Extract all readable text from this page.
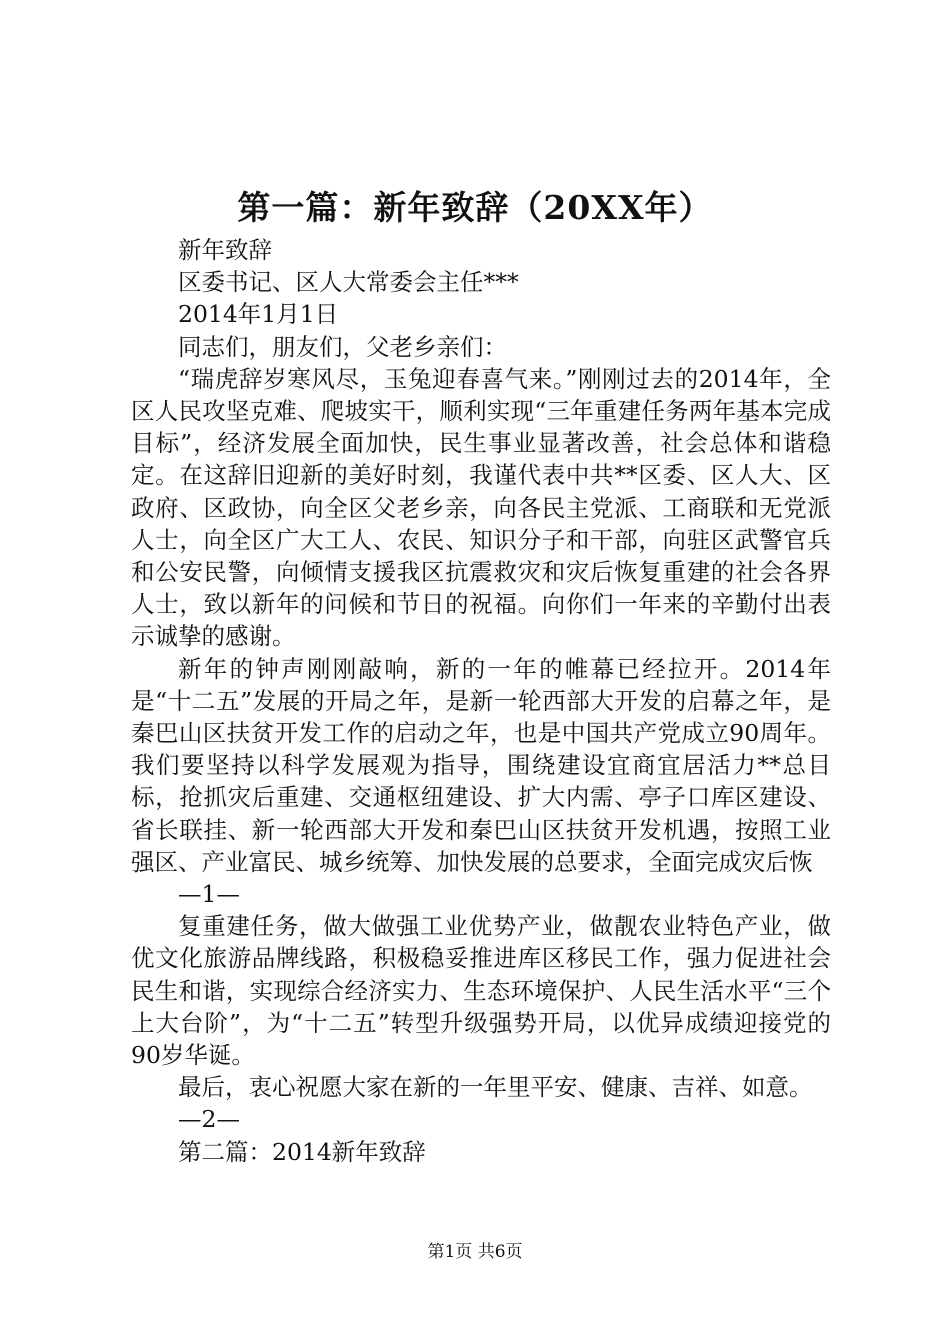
第一篇：新年致辞（20XX年）

新年致辞

区委书记、区人大常委会主任***

2014年1月1日

同志们，朋友们，父老乡亲们：

“瑞虎辞岁寒风尽，玉兔迎春喜气来。”刚刚过去的2014年，全区人民攻坚克难、爬坡实干，顺利实现“三年重建任务两年基本完成目标”，经济发展全面加快，民生事业显著改善，社会总体和谐稳定。在这辞旧迎新的美好时刻，我谨代表中共**区委、区人大、区政府、区政协，向全区父老乡亲，向各民主党派、工商联和无党派人士，向全区广大工人、农民、知识分子和干部，向驻区武警官兵和公安民警，向倾情支援我区抗震救灾和灾后恢复重建的社会各界人士，致以新年的问候和节日的祝福。向你们一年来的辛勤付出表示诚挚的感谢。

新年的钟声刚刚敲响，新的一年的帷幕已经拉开。2014年是“十二五”发展的开局之年，是新一轮西部大开发的启幕之年，是秦巴山区扶贫开发工作的启动之年，也是中国共产党成立90周年。我们要坚持以科学发展观为指导，围绕建设宜商宜居活力**总目标，抢抓灾后重建、交通枢纽建设、扩大内需、亭子口库区建设、省长联挂、新一轮西部大开发和秦巴山区扶贫开发机遇，按照工业强区、产业富民、城乡统筹、加快发展的总要求，全面完成灾后恢

—1—

复重建任务，做大做强工业优势产业，做靓农业特色产业，做优文化旅游品牌线路，积极稳妥推进库区移民工作，强力促进社会民生和谐，实现综合经济实力、生态环境保护、人民生活水平“三个上大台阶”，为“十二五”转型升级强势开局，以优异成绩迎接党的90岁华诞。

最后，衷心祝愿大家在新的一年里平安、健康、吉祥、如意。

—2—

第二篇：2014新年致辞

第1页 共6页
